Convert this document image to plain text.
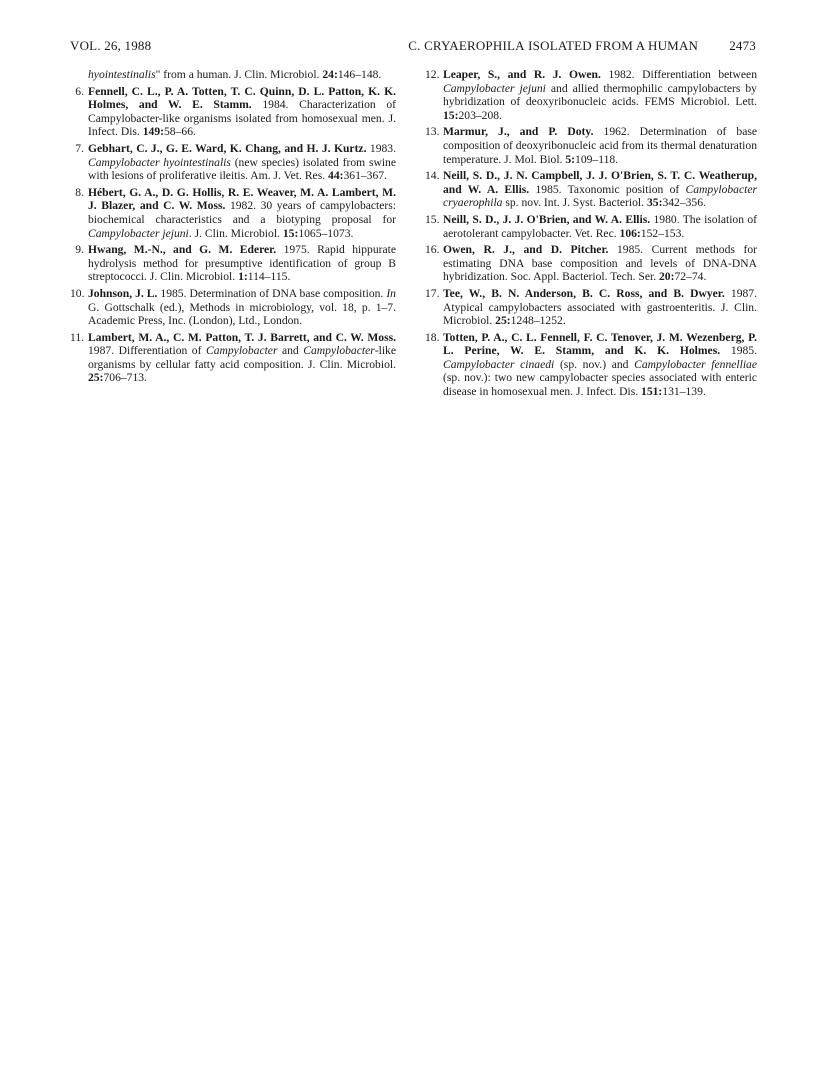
VOL. 26, 1988	C. CRYAEROPHILA ISOLATED FROM A HUMAN 2473
hyointestinalis" from a human. J. Clin. Microbiol. 24:146–148.
6. Fennell, C. L., P. A. Totten, T. C. Quinn, D. L. Patton, K. K. Holmes, and W. E. Stamm. 1984. Characterization of Campylobacter-like organisms isolated from homosexual men. J. Infect. Dis. 149:58–66.
7. Gebhart, C. J., G. E. Ward, K. Chang, and H. J. Kurtz. 1983. Campylobacter hyointestinalis (new species) isolated from swine with lesions of proliferative ileitis. Am. J. Vet. Res. 44:361–367.
8. Hébert, G. A., D. G. Hollis, R. E. Weaver, M. A. Lambert, M. J. Blazer, and C. W. Moss. 1982. 30 years of campylobacters: biochemical characteristics and a biotyping proposal for Campylobacter jejuni. J. Clin. Microbiol. 15:1065–1073.
9. Hwang, M.-N., and G. M. Ederer. 1975. Rapid hippurate hydrolysis method for presumptive identification of group B streptococci. J. Clin. Microbiol. 1:114–115.
10. Johnson, J. L. 1985. Determination of DNA base composition. In G. Gottschalk (ed.), Methods in microbiology, vol. 18, p. 1–7. Academic Press, Inc. (London), Ltd., London.
11. Lambert, M. A., C. M. Patton, T. J. Barrett, and C. W. Moss. 1987. Differentiation of Campylobacter and Campylobacter-like organisms by cellular fatty acid composition. J. Clin. Microbiol. 25:706–713.
12. Leaper, S., and R. J. Owen. 1982. Differentiation between Campylobacter jejuni and allied thermophilic campylobacters by hybridization of deoxyribonucleic acids. FEMS Microbiol. Lett. 15:203–208.
13. Marmur, J., and P. Doty. 1962. Determination of base composition of deoxyribonucleic acid from its thermal denaturation temperature. J. Mol. Biol. 5:109–118.
14. Neill, S. D., J. N. Campbell, J. J. O'Brien, S. T. C. Weatherup, and W. A. Ellis. 1985. Taxonomic position of Campylobacter cryaerophila sp. nov. Int. J. Syst. Bacteriol. 35:342–356.
15. Neill, S. D., J. J. O'Brien, and W. A. Ellis. 1980. The isolation of aerotolerant campylobacter. Vet. Rec. 106:152–153.
16. Owen, R. J., and D. Pitcher. 1985. Current methods for estimating DNA base composition and levels of DNA-DNA hybridization. Soc. Appl. Bacteriol. Tech. Ser. 20:72–74.
17. Tee, W., B. N. Anderson, B. C. Ross, and B. Dwyer. 1987. Atypical campylobacters associated with gastroenteritis. J. Clin. Microbiol. 25:1248–1252.
18. Totten, P. A., C. L. Fennell, F. C. Tenover, J. M. Wezenberg, P. L. Perine, W. E. Stamm, and K. K. Holmes. 1985. Campylobacter cinaedi (sp. nov.) and Campylobacter fennelliae (sp. nov.): two new campylobacter species associated with enteric disease in homosexual men. J. Infect. Dis. 151:131–139.
